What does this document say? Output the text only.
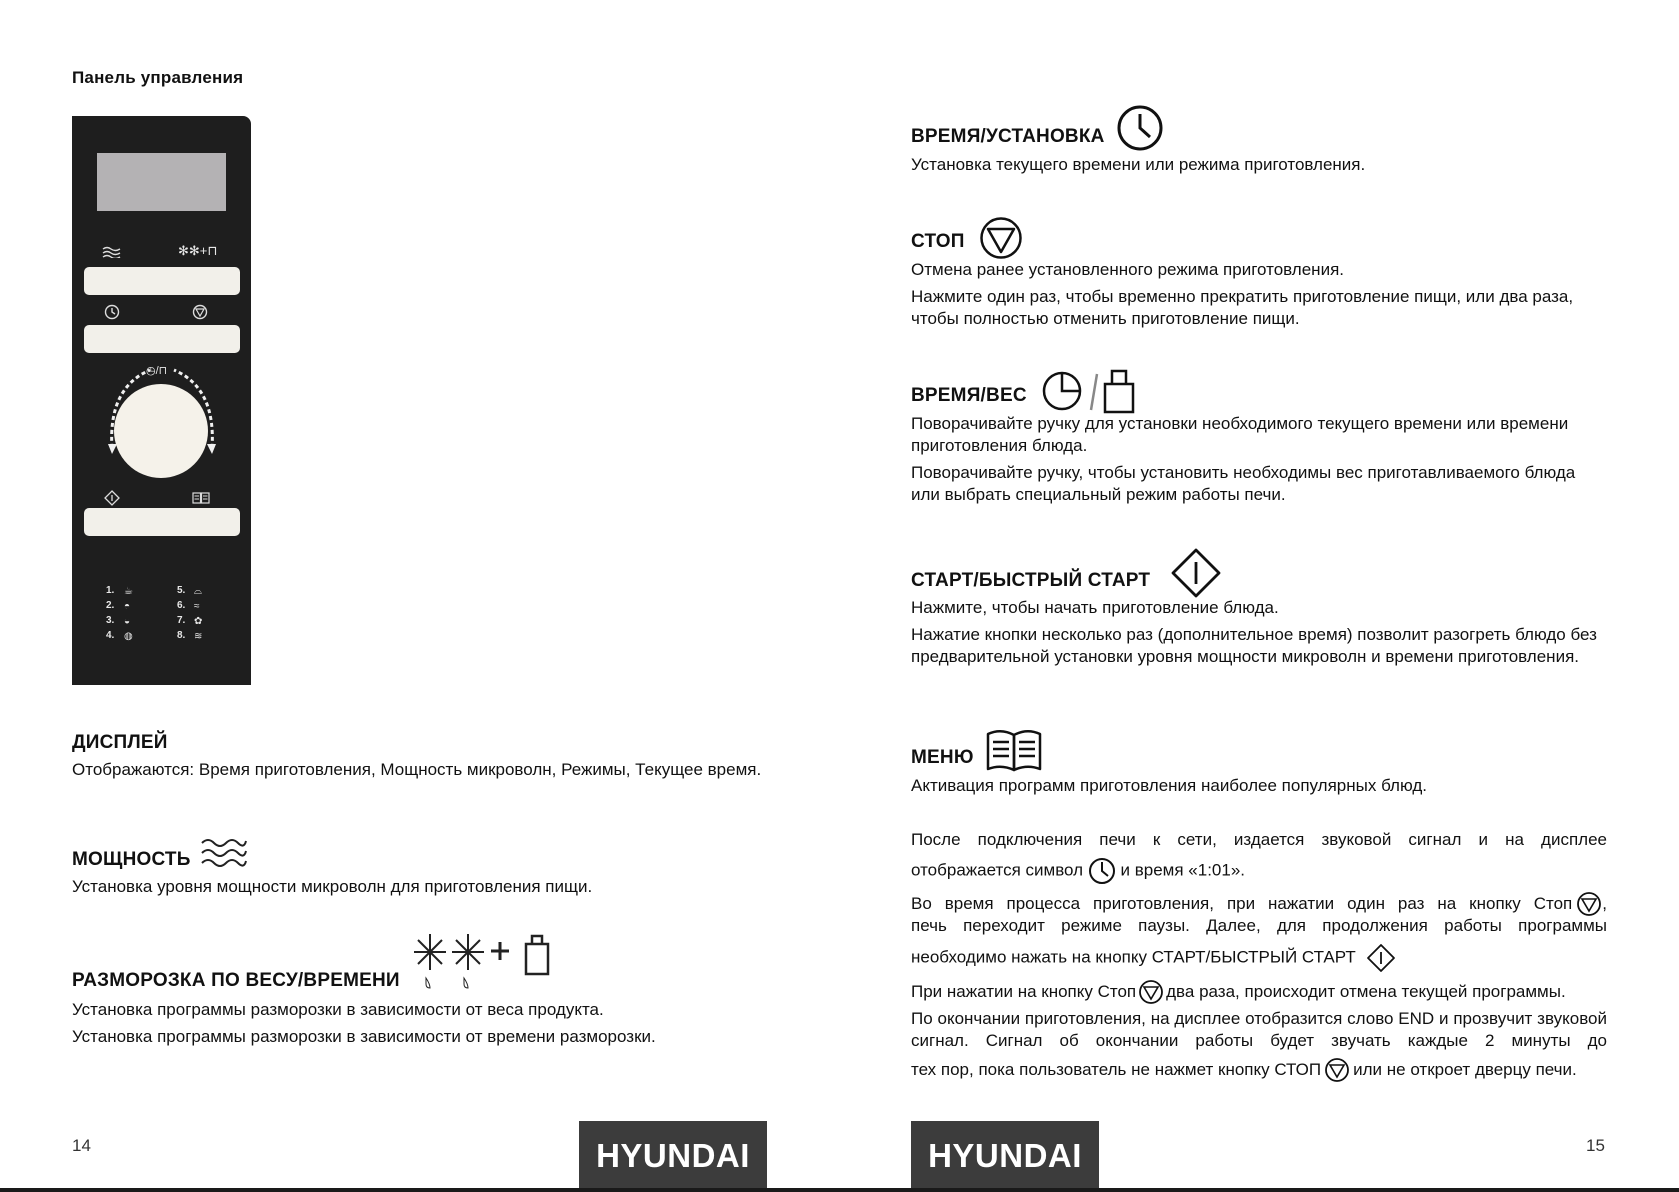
Панель управления
✻✻+⊓
◷/⊓
1.
2.
3.
4.
☕
◓
◒
◍
5.
6.
7.
8.
⌓
≈
✿
≋
ДИСПЛЕЙ
Отображаются: Время приготовления, Мощность микроволн, Режимы, Текущее время.
МОЩНОСТЬ
Установка уровня мощности микроволн для приготовления пищи.
РАЗМОРОЗКА ПО ВЕСУ/ВРЕМЕНИ
Установка программы разморозки в зависимости от веса продукта.
Установка программы разморозки в зависимости от времени разморозки.
14	HYUNDAI
ВРЕМЯ/УСТАНОВКА
Установка текущего времени или режима приготовления.
СТОП
Отмена ранее установленного режима приготовления.
Нажмите один раз, чтобы временно прекратить приготовление пищи, или два раза, чтобы полностью отменить приготовление пищи.
ВРЕМЯ/ВЕС
Поворачивайте ручку для установки необходимого текущего времени или времени приготовления блюда.
Поворачивайте ручку, чтобы установить необходимы вес приготавливаемого блюда или выбрать специальный режим работы печи.
СТАРТ/БЫСТРЫЙ СТАРТ
Нажмите, чтобы начать приготовление блюда.
Нажатие кнопки несколько раз (дополнительное время) позволит разогреть блюдо без предварительной установки уровня мощности микроволн и времени приготовления.
МЕНЮ
Активация программ приготовления наиболее популярных блюд.
После подключения печи к сети, издается звуковой сигнал и на дисплее
отображается символ и время «1:01».
Во время процесса приготовления, при нажатии один раз на кнопку Стоп ,
печь переходит режиме паузы. Далее, для продолжения работы программы
необходимо нажать на кнопку СТАРТ/БЫСТРЫЙ СТАРТ
При нажатии на кнопку Стоп два раза, происходит отмена текущей программы.
По окончании приготовления, на дисплее отобразится слово END и прозвучит звуковой сигнал. Сигнал об окончании работы будет звучать каждые 2 минуты до
тех пор, пока пользователь не нажмет кнопку СТОП или не откроет дверцу печи.
HYUNDAI	15
